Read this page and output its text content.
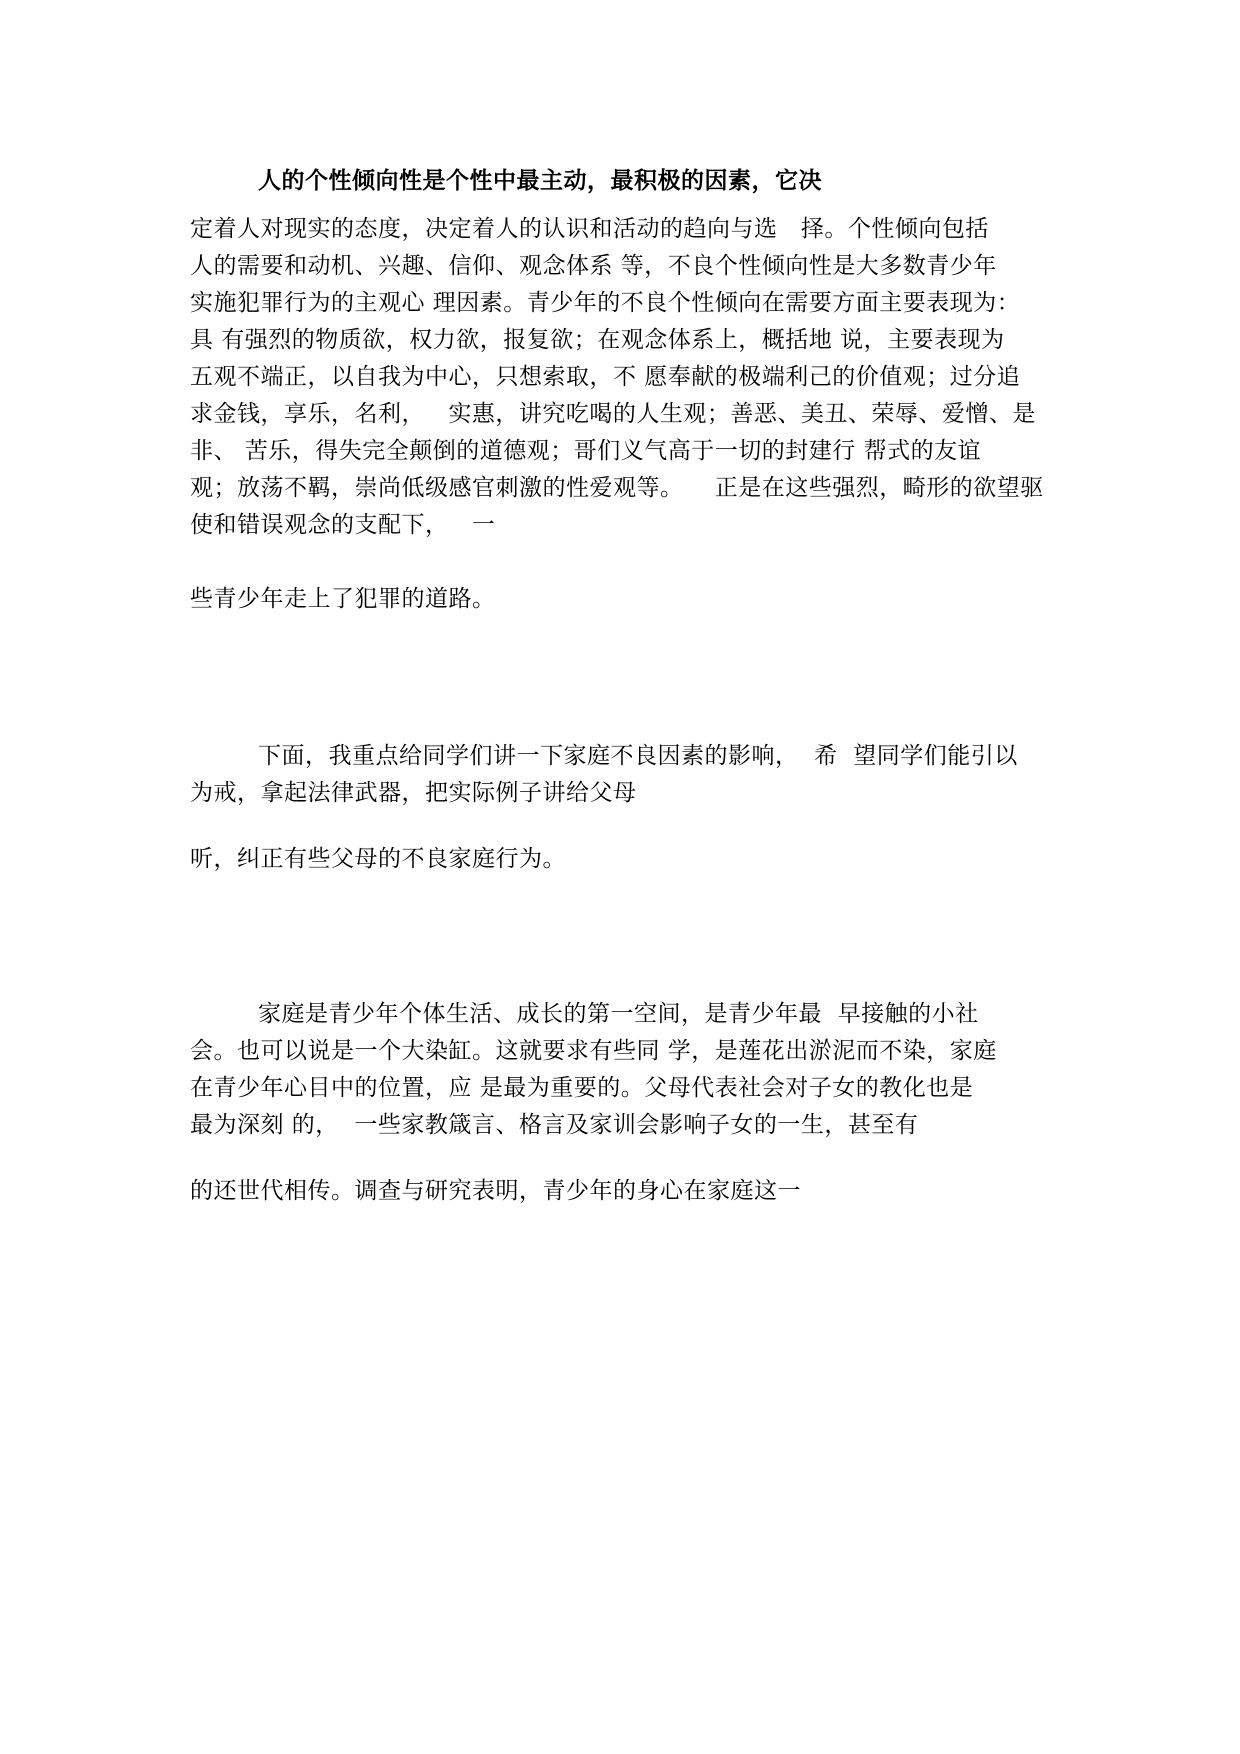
人的个性倾向性是个性中最主动，最积极的因素，它决
定着人对现实的态度，决定着人的认识和活动的趋向与选   择。个性倾向包括
人的需要和动机、兴趣、信仰、观念体系 等，不良个性倾向性是大多数青少年
实施犯罪行为的主观心 理因素。青少年的不良个性倾向在需要方面主要表现为：
具 有强烈的物质欲，权力欲，报复欲；在观念体系上，概括地 说，主要表现为
五观不端正，以自我为中心，只想索取，不 愿奉献的极端利己的价值观；过分追
求金钱，享乐，名利，   实惠，讲究吃喝的人生观；善恶、美丑、荣辱、爱憎、是
非、 苦乐，得失完全颠倒的道德观；哥们义气高于一切的封建行 帮式的友谊
观；放荡不羁，崇尚低级感官刺激的性爱观等。    正是在这些强烈，畸形的欲望驱
使和错误观念的支配下，   一
些青少年走上了犯罪的道路。
下面，我重点给同学们讲一下家庭不良因素的影响，  希  望同学们能引以
为戒，拿起法律武器，把实际例子讲给父母
听，纠正有些父母的不良家庭行为。
家庭是青少年个体生活、成长的第一空间，是青少年最  早接触的小社
会。也可以说是一个大染缸。这就要求有些同 学，是莲花出淤泥而不染，家庭
在青少年心目中的位置，应 是最为重要的。父母代表社会对子女的教化也是
最为深刻 的，  一些家教箴言、格言及家训会影响子女的一生，甚至有
的还世代相传。调查与研究表明，青少年的身心在家庭这一
